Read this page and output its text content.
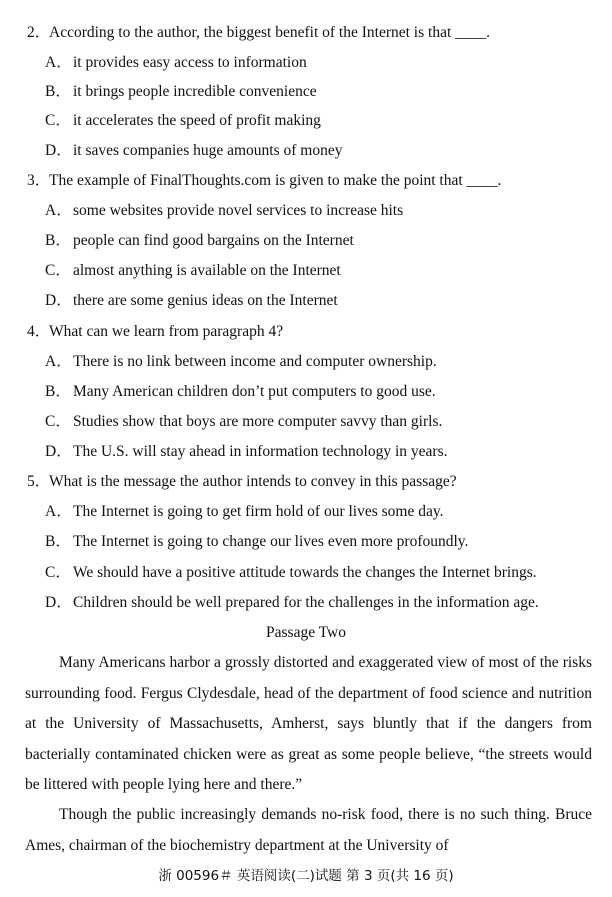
2．According to the author, the biggest benefit of the Internet is that ____.
A．it provides easy access to information
B． it brings people incredible convenience
C． it accelerates the speed of profit making
D．it saves companies huge amounts of money
3．The example of FinalThoughts.com is given to make the point that ____.
A．some websites provide novel services to increase hits
B． people can find good bargains on the Internet
C． almost anything is available on the Internet
D．there are some genius ideas on the Internet
4．What can we learn from paragraph 4?
A．There is no link between income and computer ownership.
B． Many American children don’t put computers to good use.
C． Studies show that boys are more computer savvy than girls.
D．The U.S. will stay ahead in information technology in years.
5．What is the message the author intends to convey in this passage?
A．The Internet is going to get firm hold of our lives some day.
B． The Internet is going to change our lives even more profoundly.
C． We should have a positive attitude towards the changes the Internet brings.
D．Children should be well prepared for the challenges in the information age.
Passage Two

Many Americans harbor a grossly distorted and exaggerated view of most of the risks surrounding food. Fergus Clydesdale, head of the department of food science and nutrition at the University of Massachusetts, Amherst, says bluntly that if the dangers from bacterially contaminated chicken were as great as some people believe, “the streets would be littered with people lying here and there.”

Though the public increasingly demands no-risk food, there is no such thing. Bruce Ames, chairman of the biochemistry department at the University of

浙 00596＃ 英语阅读(二)试题 第 3 页(共 16 页)
